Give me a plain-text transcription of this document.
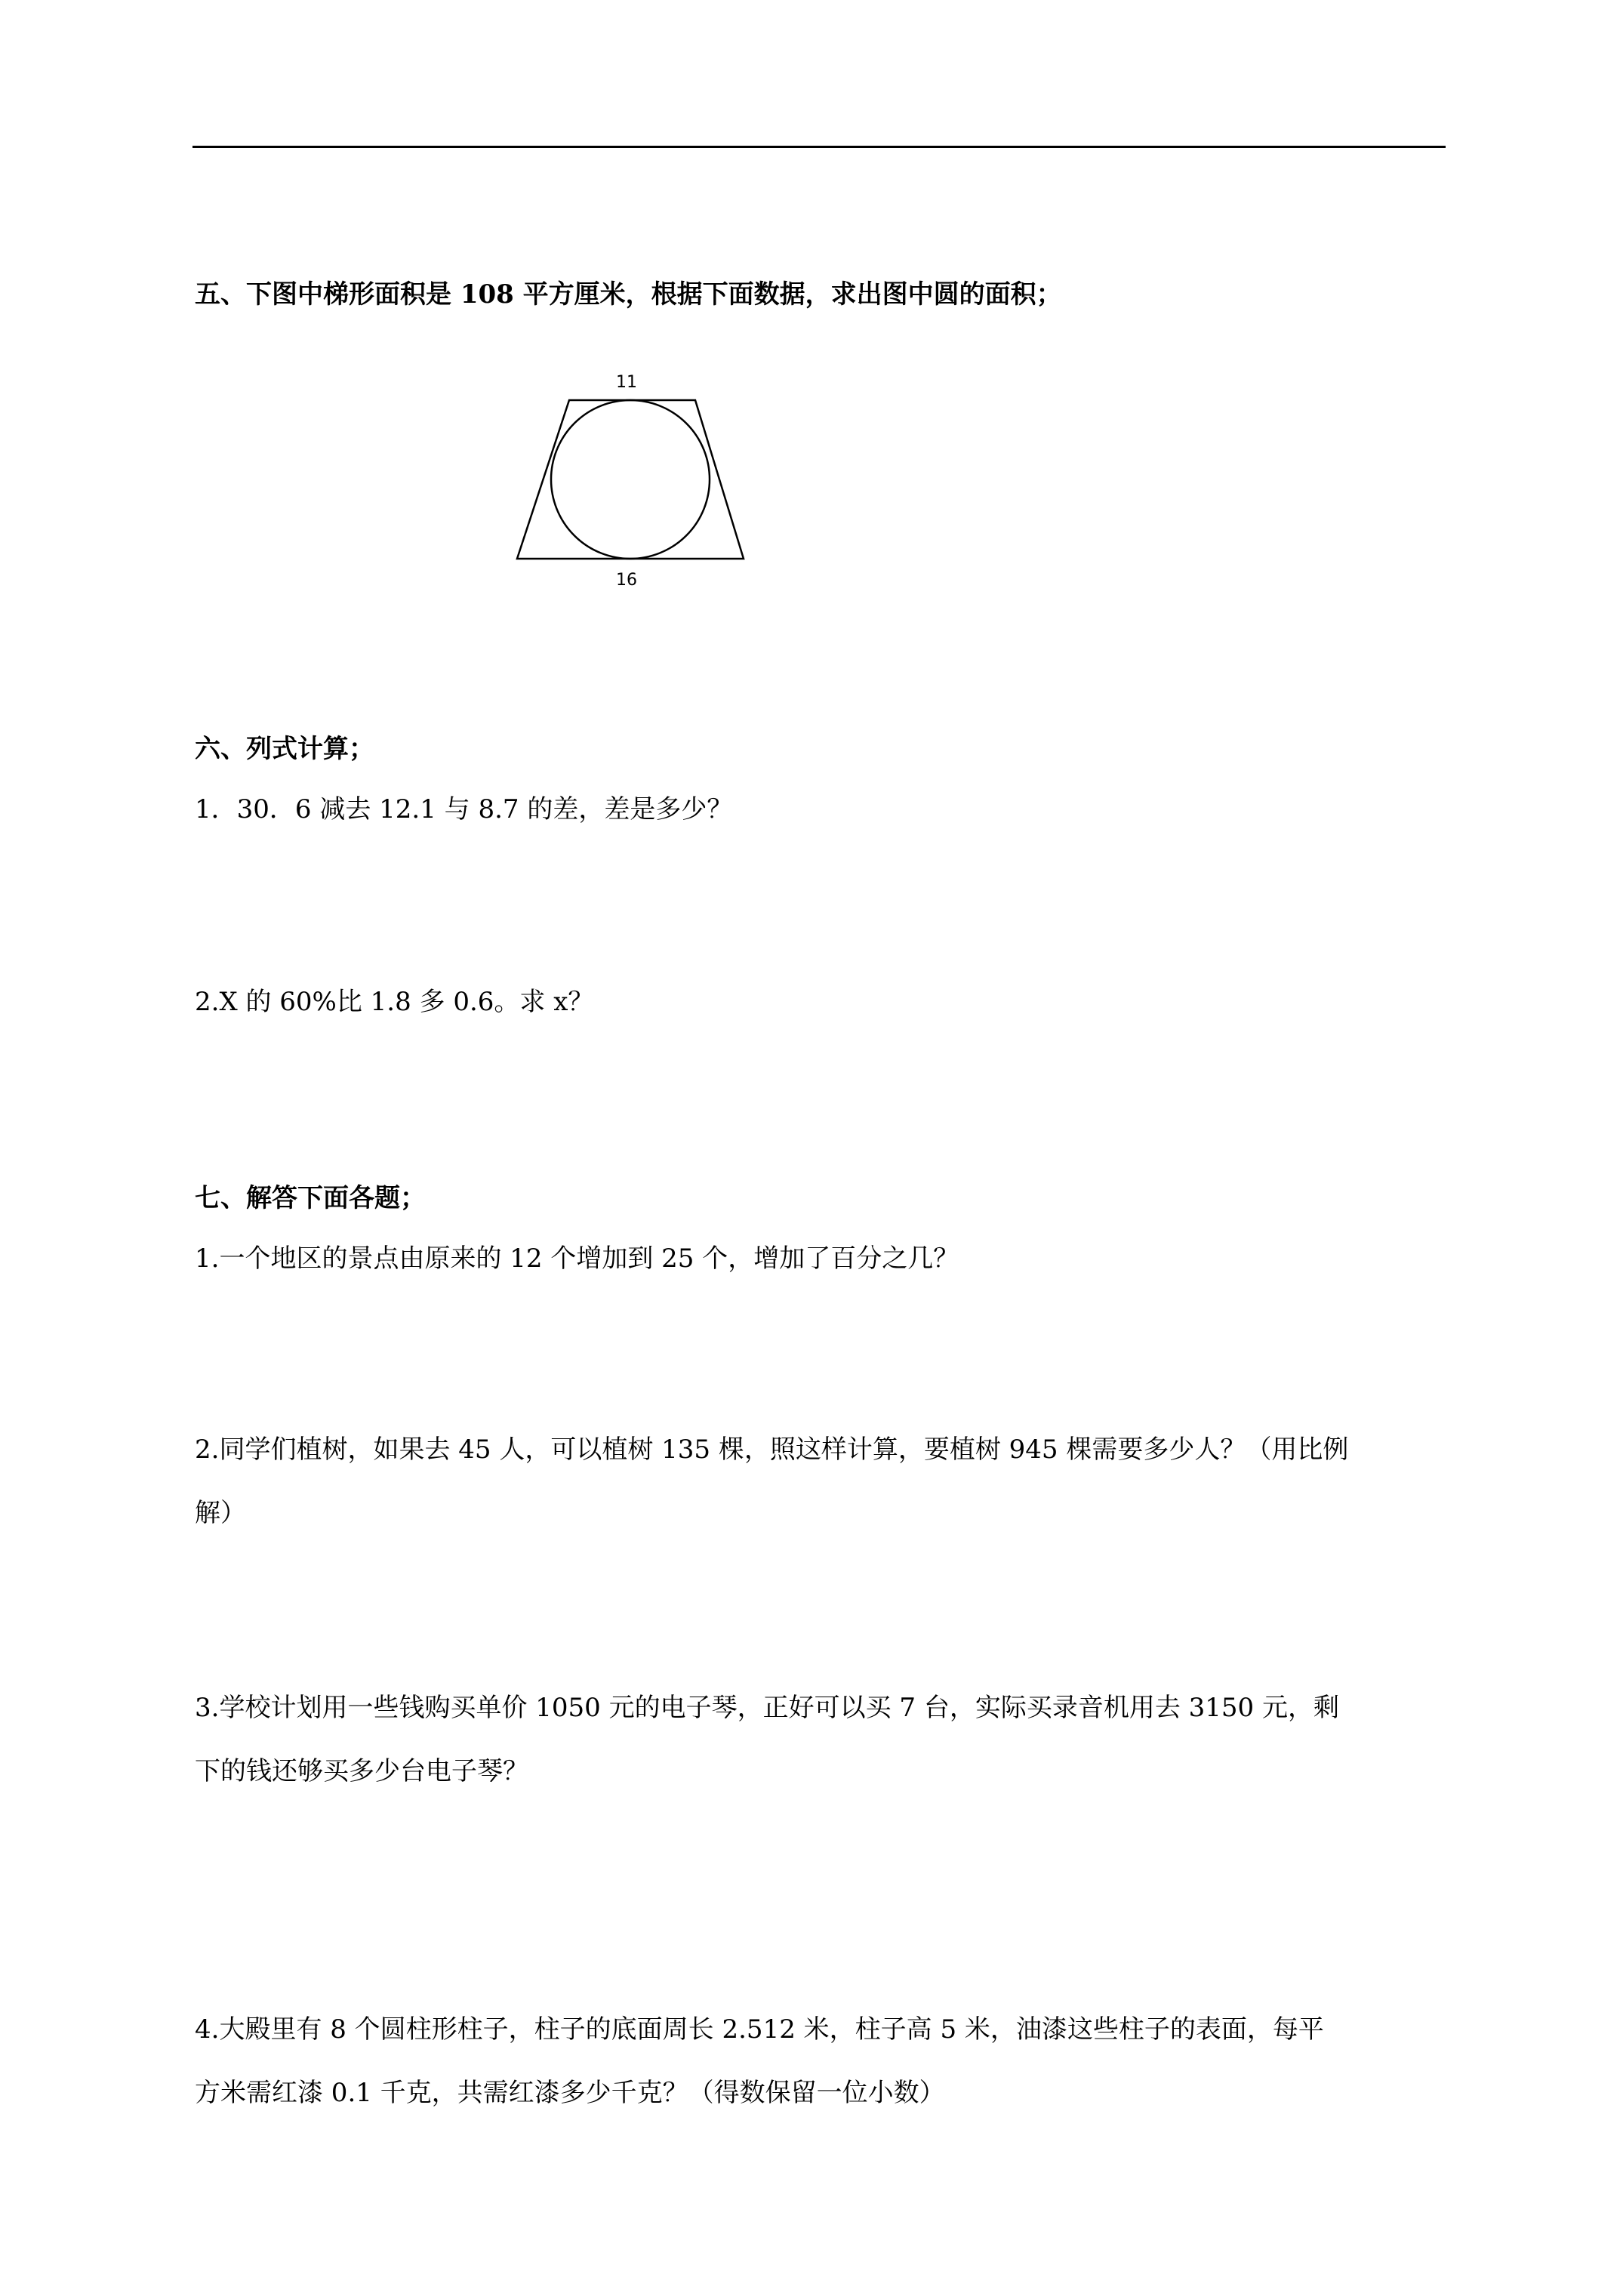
五、下图中梯形面积是 108 平方厘米，根据下面数据，求出图中圆的面积；
11
16
六、列式计算；
1．30．6 减去 12.1 与 8.7 的差，差是多少？
2.X 的 60%比 1.8 多 0.6。求 x？
七、解答下面各题；
1.一个地区的景点由原来的 12 个增加到 25 个，增加了百分之几？
2.同学们植树，如果去 45 人，可以植树 135 棵，照这样计算，要植树 945 棵需要多少人？（用比例
解）
3.学校计划用一些钱购买单价 1050 元的电子琴，正好可以买 7 台，实际买录音机用去 3150 元，剩
下的钱还够买多少台电子琴？
4.大殿里有 8 个圆柱形柱子，柱子的底面周长 2.512 米，柱子高 5 米，油漆这些柱子的表面，每平
方米需红漆 0.1 千克，共需红漆多少千克？（得数保留一位小数）
